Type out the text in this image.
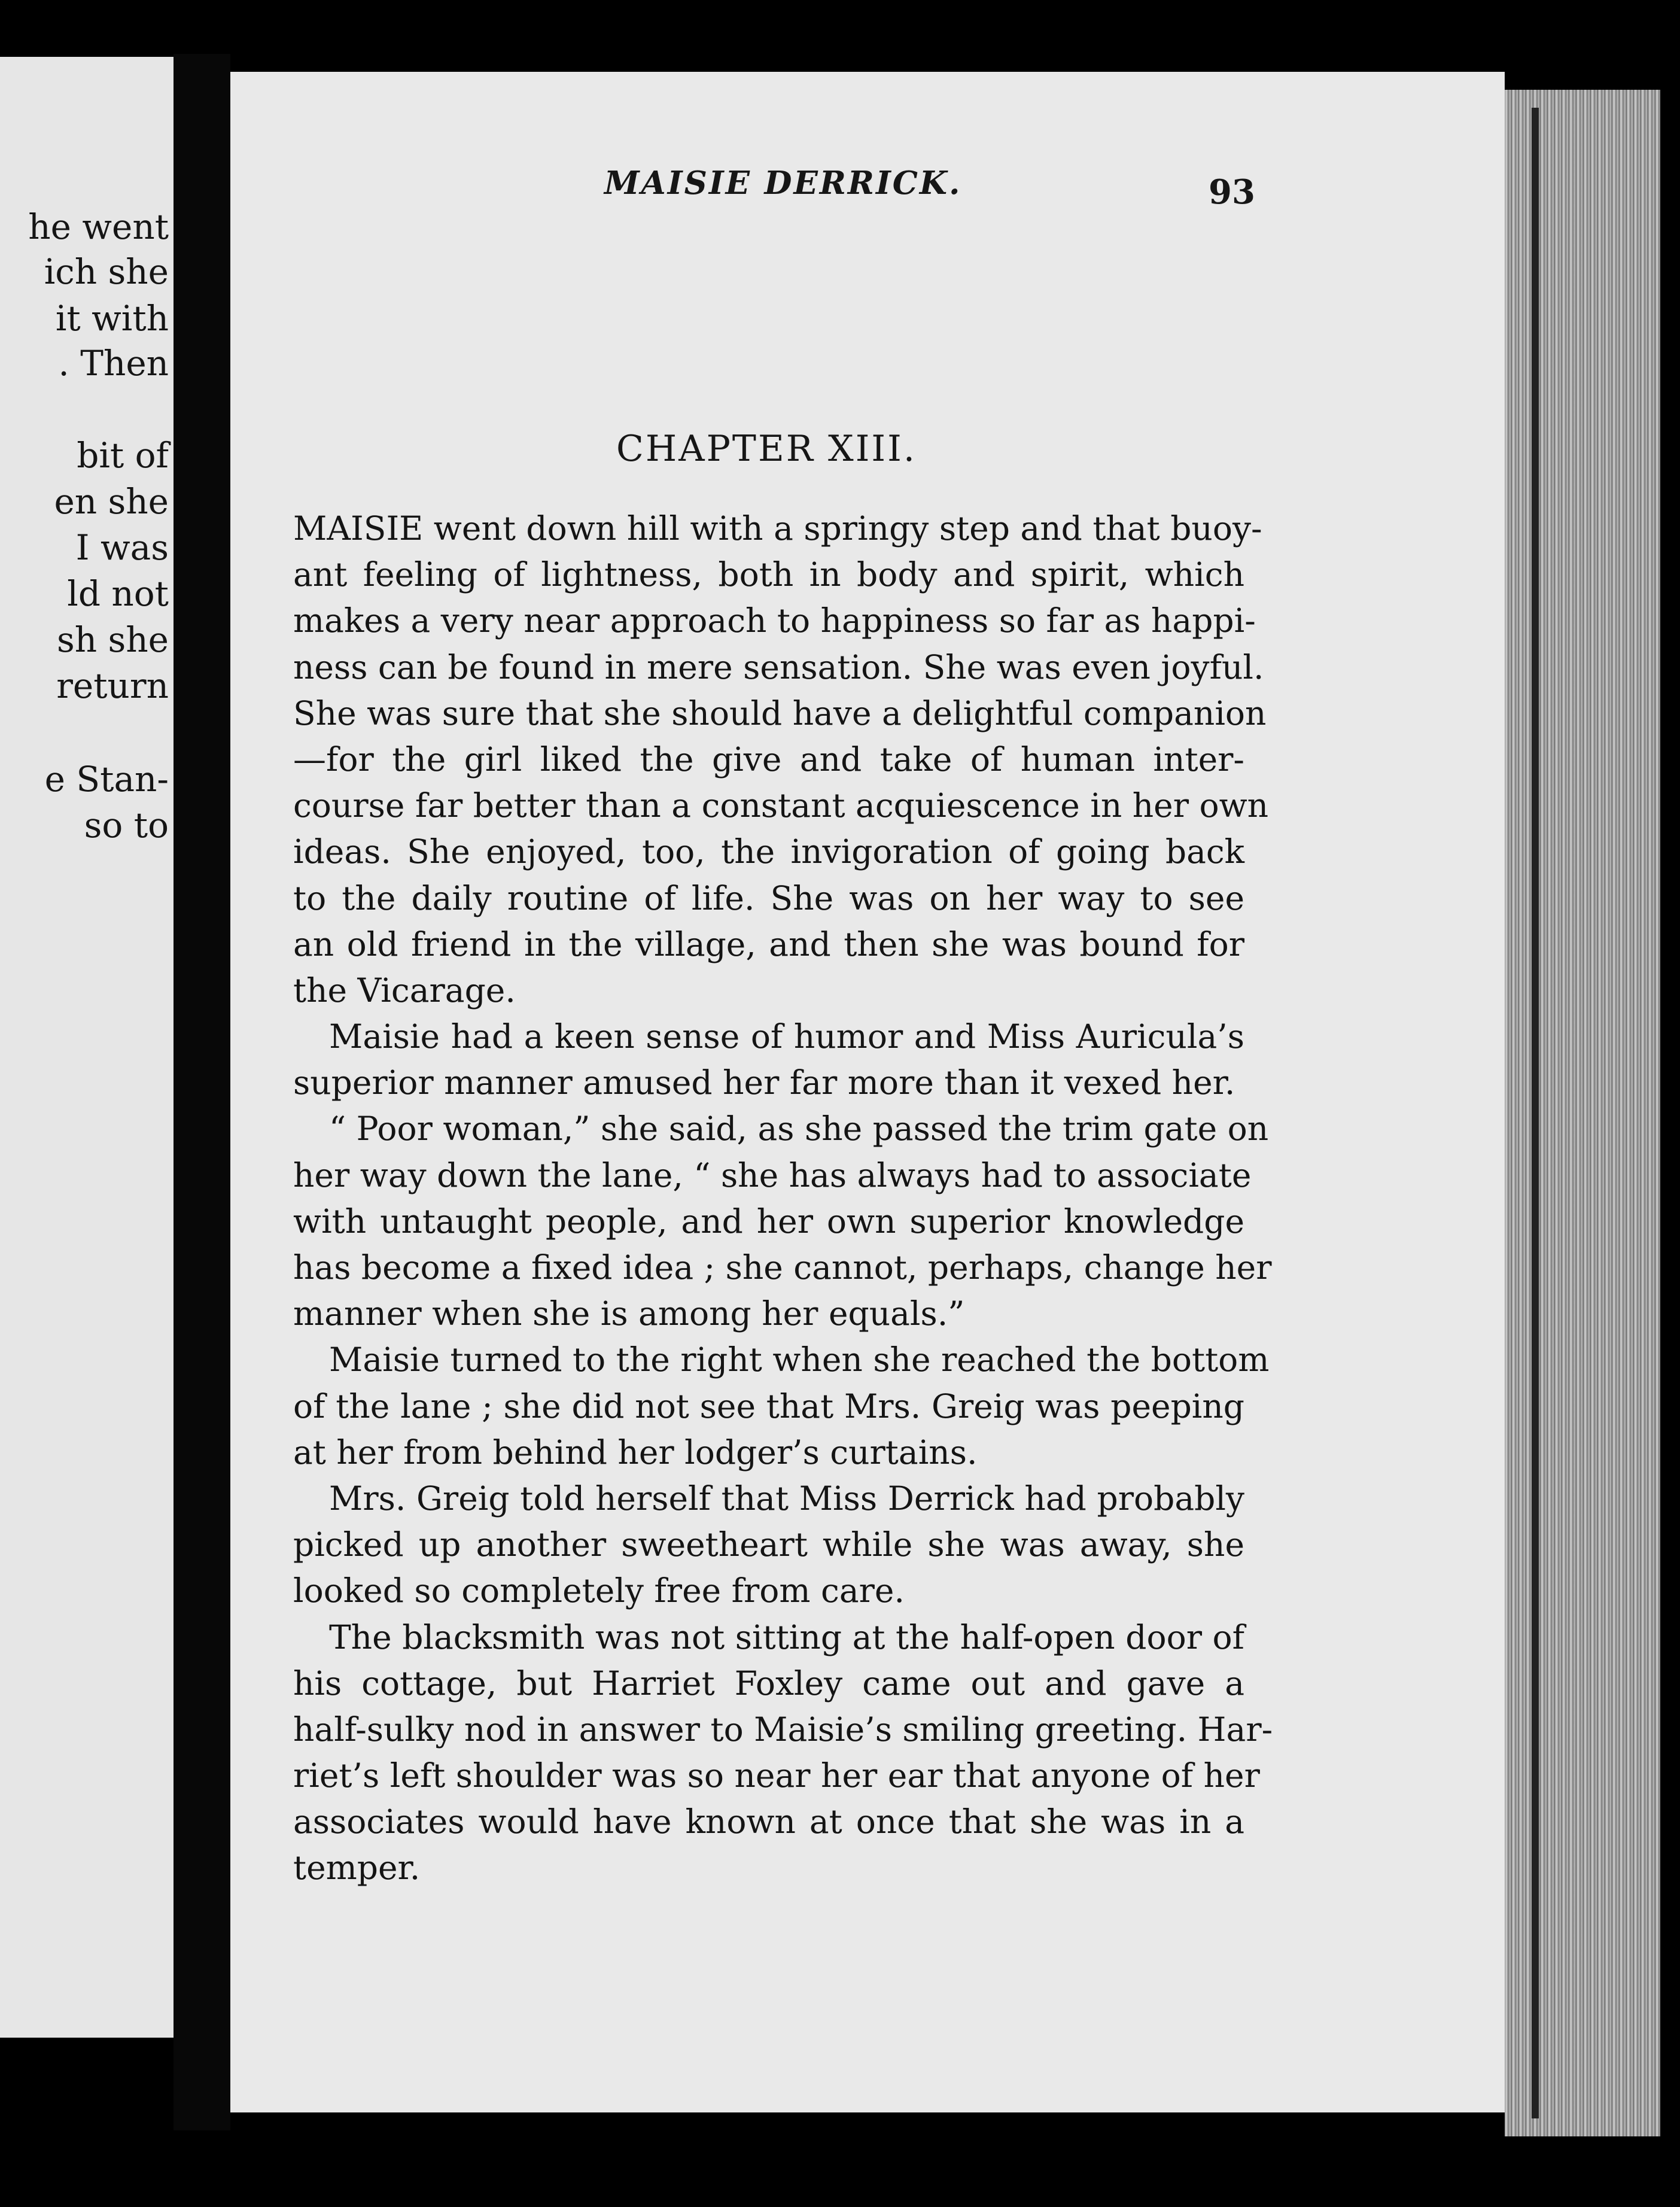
he went
ich she
it with
. Then
bit of
en she
I was
ld not
sh she
return
e Stan-
so to
MAISIE DERRICK.	93
CHAPTER XIII.
MAISIE went down hill with a springy step and that buoy-
ant feeling of lightness, both in body and spirit, which
makes a very near approach to happiness so far as happi-
ness can be found in mere sensation. She was even joyful.
She was sure that she should have a delightful companion
—for the girl liked the give and take of human inter-
course far better than a constant acquiescence in her own
ideas. She enjoyed, too, the invigoration of going back
to the daily routine of life. She was on her way to see
an old friend in the village, and then she was bound for
the Vicarage.
Maisie had a keen sense of humor and Miss Auricula’s
superior manner amused her far more than it vexed her.
“ Poor woman,” she said, as she passed the trim gate on
her way down the lane, “ she has always had to associate
with untaught people, and her own superior knowledge
has become a fixed idea ; she cannot, perhaps, change her
manner when she is among her equals.”
Maisie turned to the right when she reached the bottom
of the lane ; she did not see that Mrs. Greig was peeping
at her from behind her lodger’s curtains.
Mrs. Greig told herself that Miss Derrick had probably
picked up another sweetheart while she was away, she
looked so completely free from care.
The blacksmith was not sitting at the half-open door of
his cottage, but Harriet Foxley came out and gave a
half-sulky nod in answer to Maisie’s smiling greeting. Har-
riet’s left shoulder was so near her ear that anyone of her
associates would have known at once that she was in a
temper.
